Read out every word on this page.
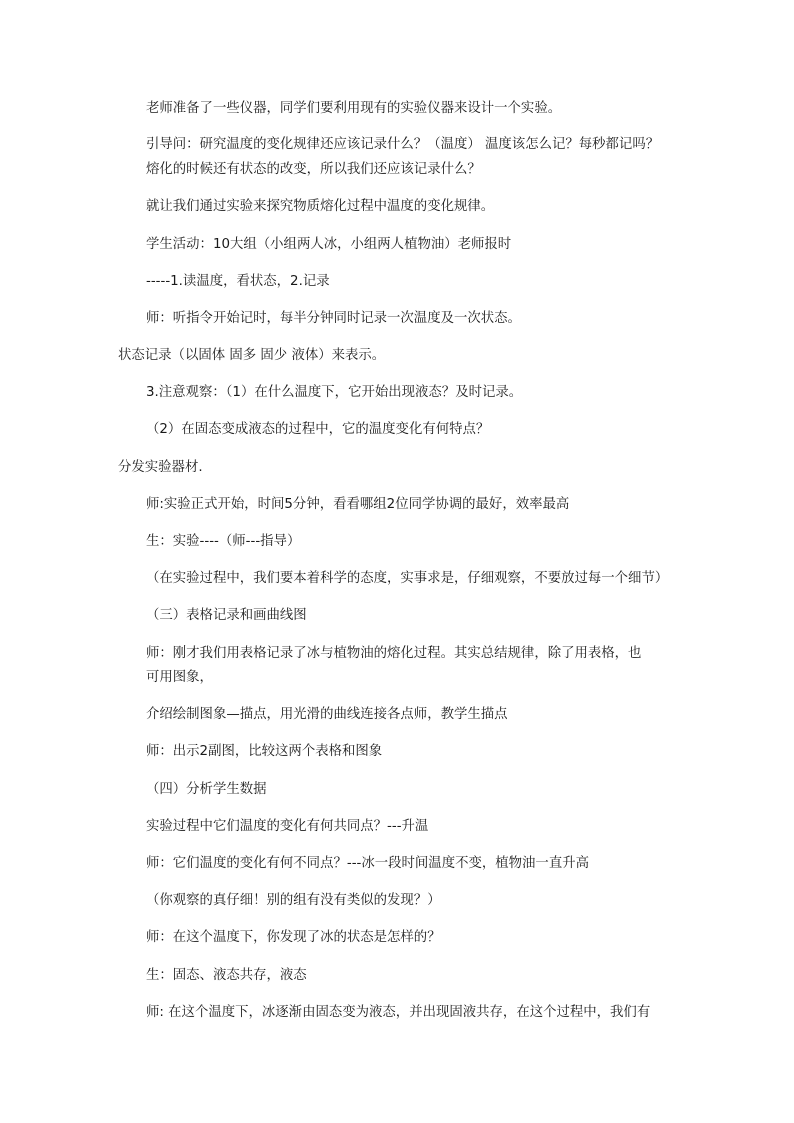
老师准备了一些仪器，同学们要利用现有的实验仪器来设计一个实验。
引导问：研究温度的变化规律还应该记录什么？（温度） 温度该怎么记？每秒都记吗？
熔化的时候还有状态的改变，所以我们还应该记录什么？
就让我们通过实验来探究物质熔化过程中温度的变化规律。
学生活动：10大组（小组两人冰，小组两人植物油）老师报时
-----1.读温度，看状态，2.记录
师：听指令开始记时，每半分钟同时记录一次温度及一次状态。
状态记录（以固体 固多 固少 液体）来表示。
3.注意观察：（1）在什么温度下，它开始出现液态？及时记录。
（2）在固态变成液态的过程中，它的温度变化有何特点？
分发实验器材.
师:实验正式开始，时间5分钟，看看哪组2位同学协调的最好，效率最高
生：实验----（师---指导）
（在实验过程中，我们要本着科学的态度，实事求是，仔细观察，不要放过每一个细节）
（三）表格记录和画曲线图
师：刚才我们用表格记录了冰与植物油的熔化过程。其实总结规律，除了用表格，也
可用图象，
介绍绘制图象—描点，用光滑的曲线连接各点师，教学生描点
师：出示2副图，比较这两个表格和图象
（四）分析学生数据
实验过程中它们温度的变化有何共同点？---升温
师：它们温度的变化有何不同点？---冰一段时间温度不变，植物油一直升高
（你观察的真仔细！别的组有没有类似的发现？）
师：在这个温度下，你发现了冰的状态是怎样的？
生：固态、液态共存，液态
师: 在这个温度下，冰逐渐由固态变为液态，并出现固液共存，在这个过程中，我们有
